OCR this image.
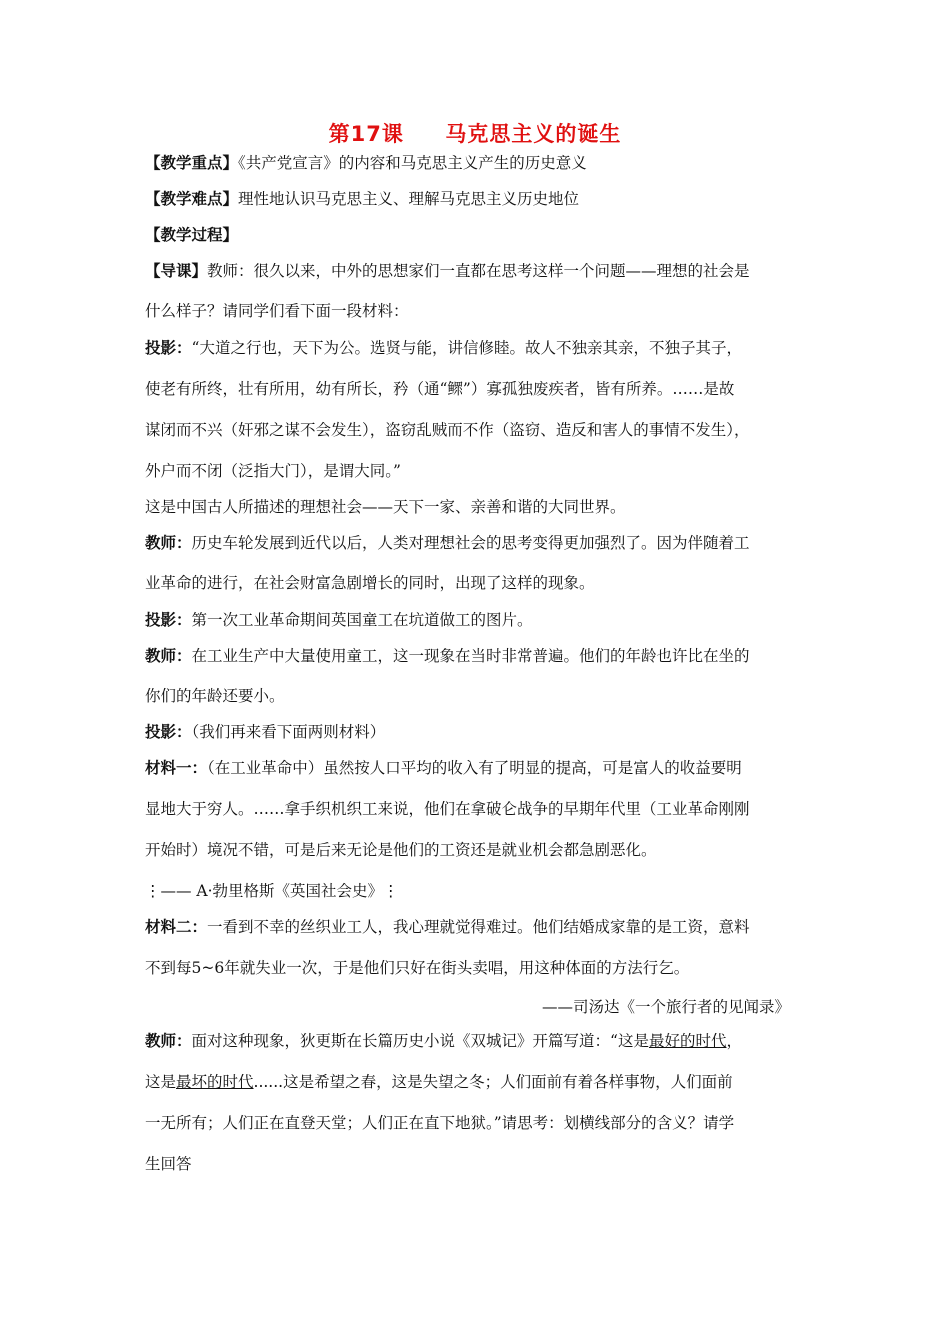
第17课     马克思主义的诞生
【教学重点】《共产党宣言》的内容和马克思主义产生的历史意义
【教学难点】理性地认识马克思主义、理解马克思主义历史地位
【教学过程】
【导课】教师：很久以来，中外的思想家们一直都在思考这样一个问题——理想的社会是
什么样子？请同学们看下面一段材料：
投影：“大道之行也，天下为公。选贤与能，讲信修睦。故人不独亲其亲，不独子其子，
使老有所终，壮有所用，幼有所长，矜（通“鳏”）寡孤独废疾者，皆有所养。……是故
谋闭而不兴（奸邪之谋不会发生），盗窃乱贼而不作（盗窃、造反和害人的事情不发生），
外户而不闭（泛指大门），是谓大同。”
这是中国古人所描述的理想社会——天下一家、亲善和谐的大同世界。
教师：历史车轮发展到近代以后，人类对理想社会的思考变得更加强烈了。因为伴随着工
业革命的进行，在社会财富急剧增长的同时，出现了这样的现象。
投影：第一次工业革命期间英国童工在坑道做工的图片。
教师：在工业生产中大量使用童工，这一现象在当时非常普遍。他们的年龄也许比在坐的
你们的年龄还要小。
投影：（我们再来看下面两则材料）
材料一：（在工业革命中）虽然按人口平均的收入有了明显的提高，可是富人的收益要明
显地大于穷人。……拿手织机织工来说，他们在拿破仑战争的早期年代里（工业革命刚刚
开始时）境况不错，可是后来无论是他们的工资还是就业机会都急剧恶化。
⋮—— A·勃里格斯《英国社会史》⋮
材料二：一看到不幸的丝织业工人，我心理就觉得难过。他们结婚成家靠的是工资，意料
不到每5~6年就失业一次，于是他们只好在街头卖唱，用这种体面的方法行乞。
——司汤达《一个旅行者的见闻录》
教师：面对这种现象，狄更斯在长篇历史小说《双城记》开篇写道：“这是最好的时代，
这是最坏的时代......这是希望之春，这是失望之冬；人们面前有着各样事物，人们面前
一无所有；人们正在直登天堂；人们正在直下地狱。”请思考：划横线部分的含义？请学
生回答
